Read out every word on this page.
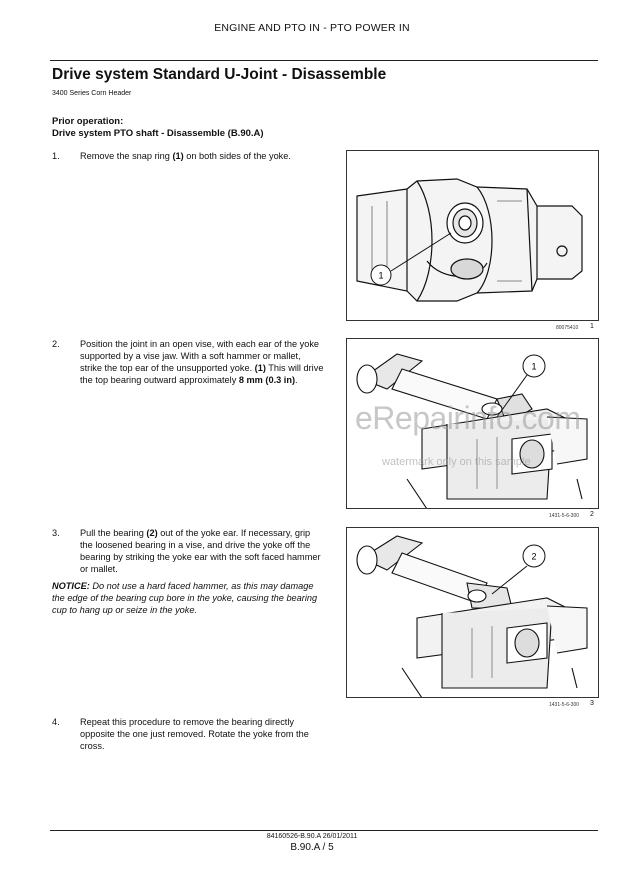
ENGINE AND PTO IN - PTO POWER IN
Drive system Standard U-Joint - Disassemble
3400 Series Corn Header
Prior operation:
Drive system PTO shaft - Disassemble (B.90.A)
1. Remove the snap ring (1) on both sides of the yoke.
2. Position the joint in an open vise, with each ear of the yoke supported by a vise jaw. With a soft hammer or mallet, strike the top ear of the unsupported yoke. (1) This will drive the top bearing outward approximately 8 mm (0.3 in).
3. Pull the bearing (2) out of the yoke ear. If necessary, grip the loosened bearing in a vise, and drive the yoke off the bearing by striking the yoke ear with the soft faced hammer or mallet.
NOTICE: Do not use a hard faced hammer, as this may damage the edge of the bearing cup bore in the yoke, causing the bearing cup to hang up or seize in the yoke.
4. Repeat this procedure to remove the bearing directly opposite the one just removed. Rotate the yoke from the cross.
1
80075410 1
1
1431-5-6-300 2
2
1431-5-6-300 3
eRepairinfo.com
watermark only on this sample
84160526-B.90.A 26/01/2011
B.90.A / 5
